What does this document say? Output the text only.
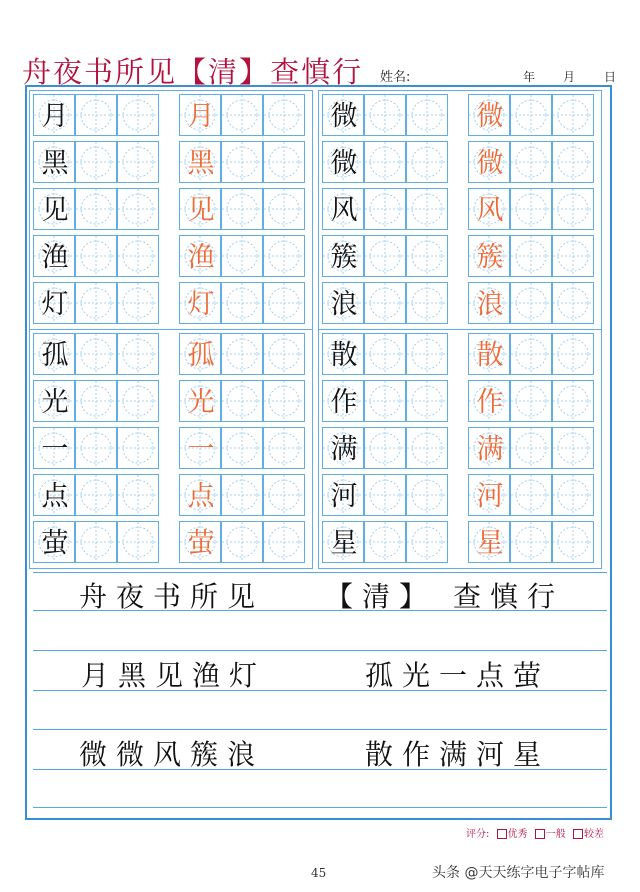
舟夜书所见【清】查慎行 姓名:	年 月 日
月	月
黑	黑
见	见
渔	渔
灯	灯
微	微
微	微
风	风
簇	簇
浪	浪
孤	孤
光	光
一	一
点	点
萤	萤
散	散
作	作
满	满
河	河
星	星
舟夜书所见 【清】 查慎行
月黑见渔灯	孤光一点萤
微微风簇浪	散作满河星
评分: 优秀 一般 较差
45	头条 @天天练字电子字帖库
